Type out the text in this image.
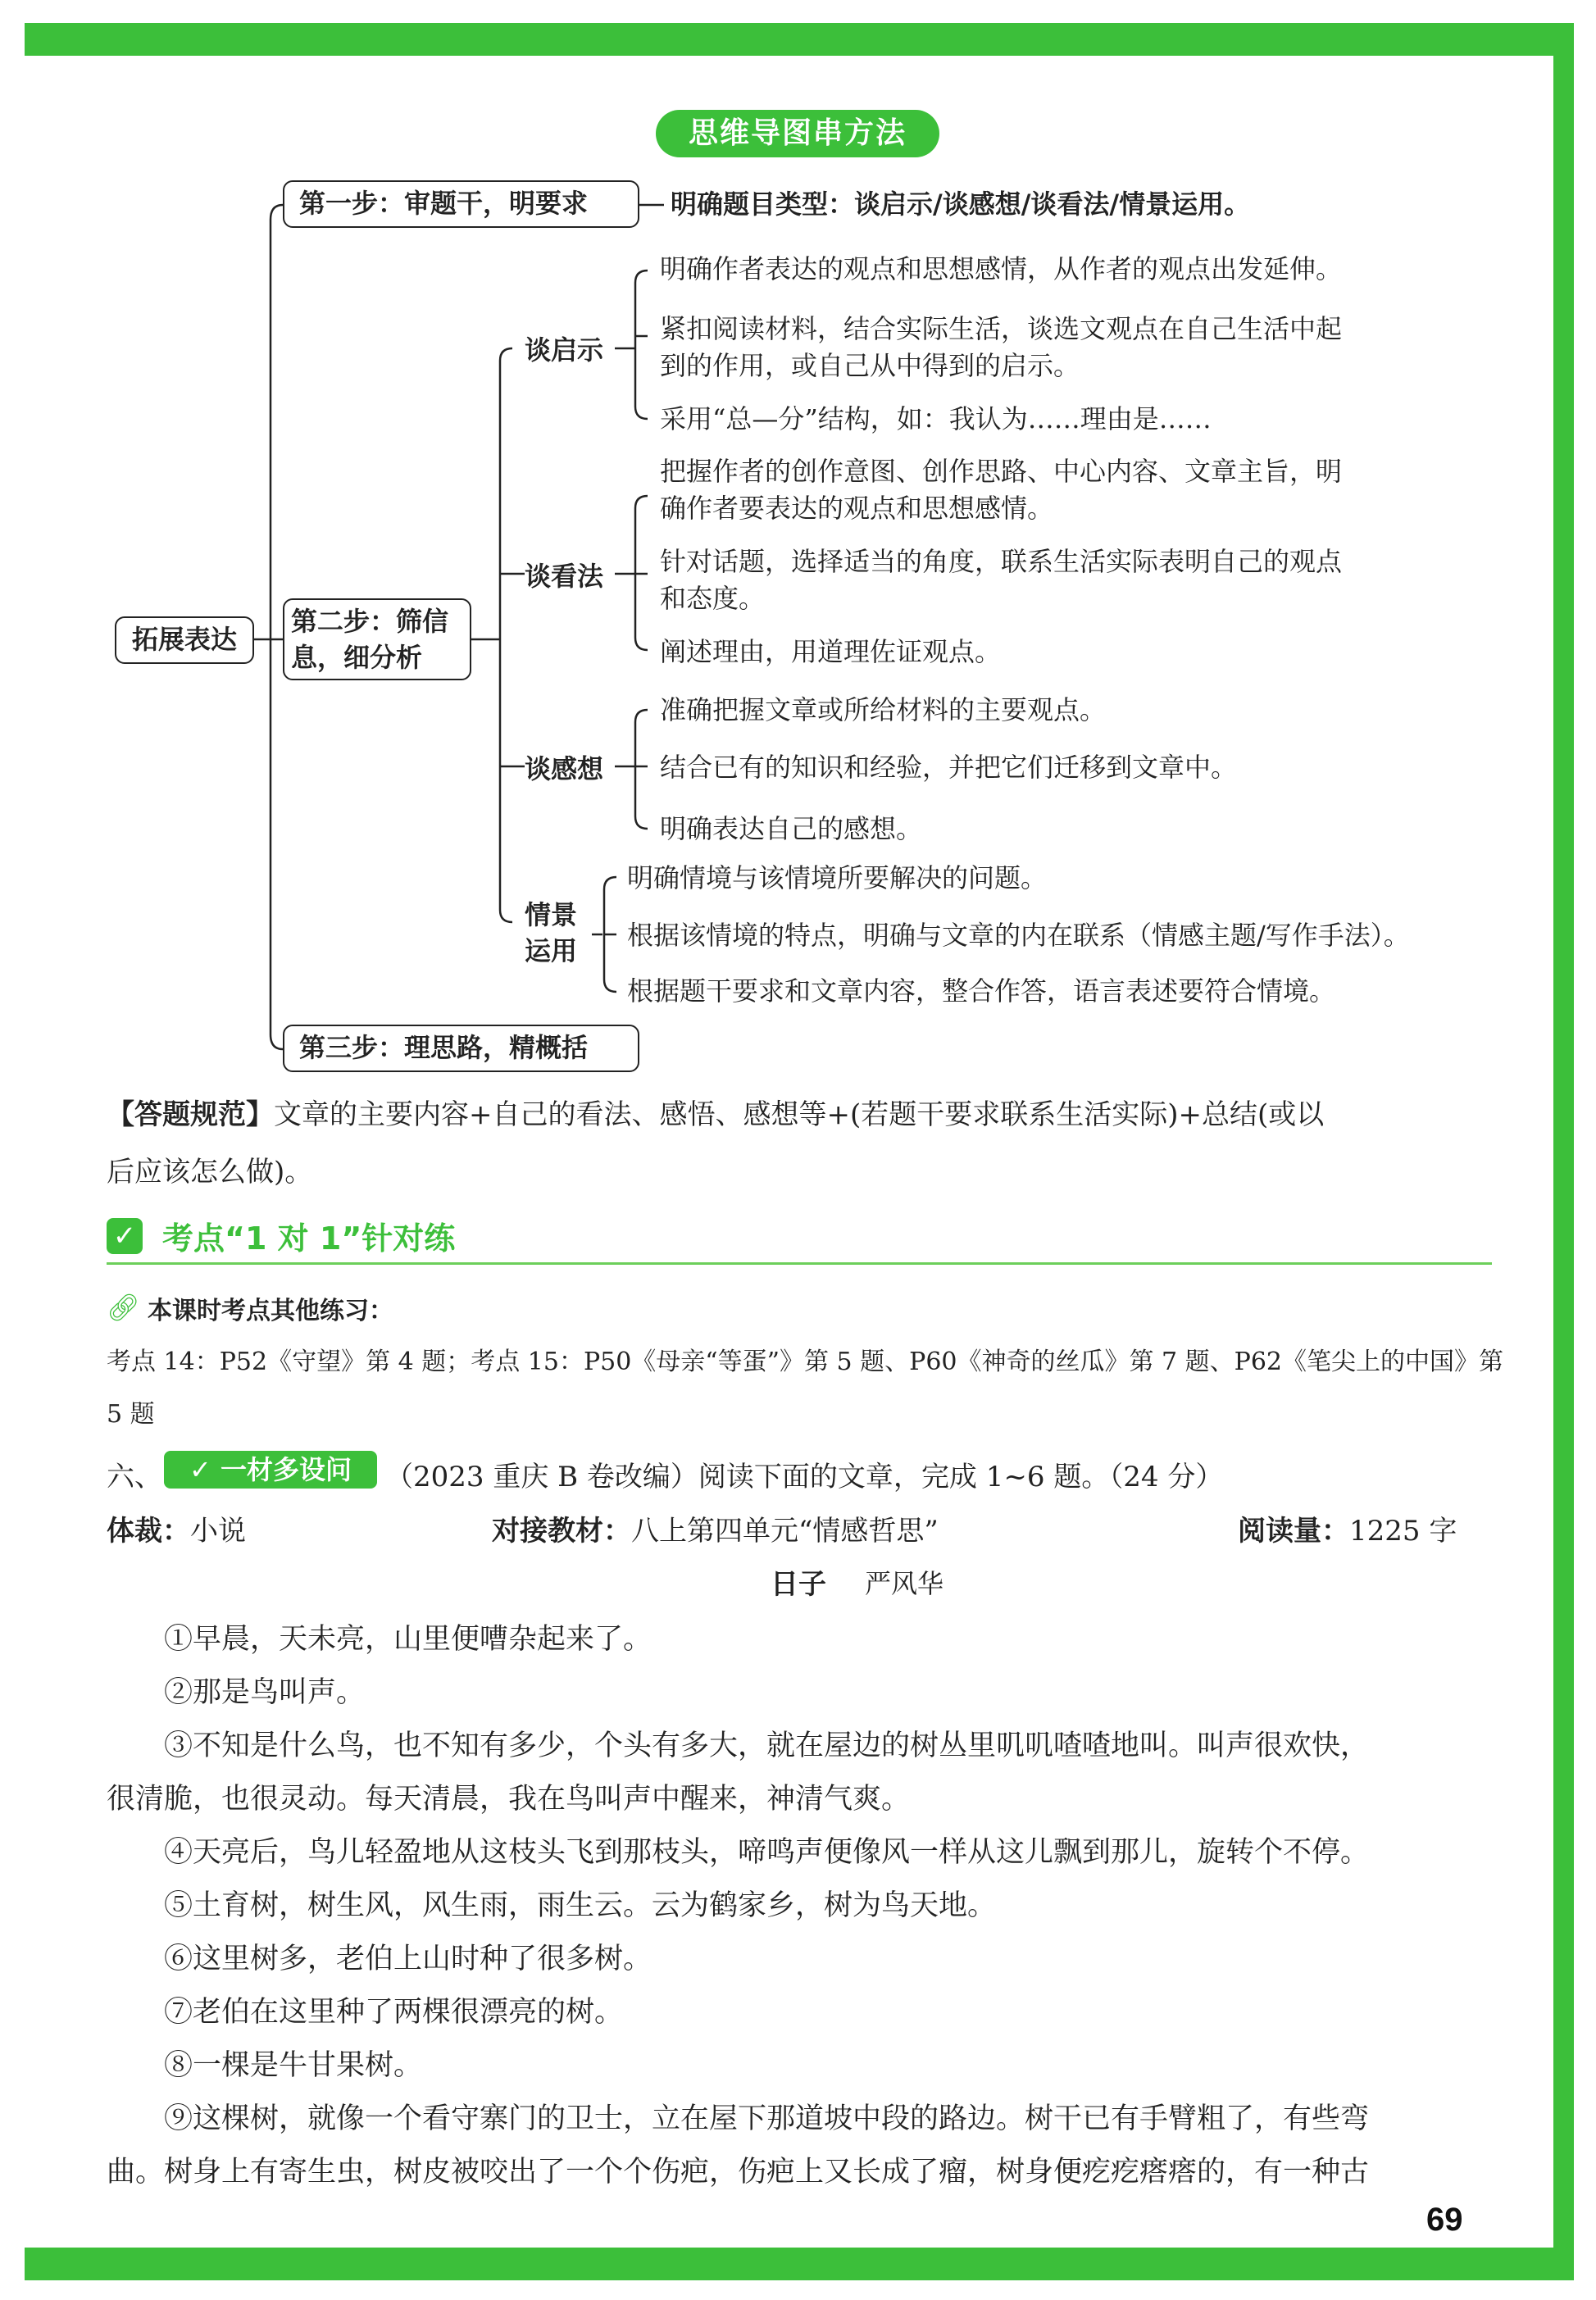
69
思维导图串方法
拓展表达
第一步：审题干，明要求
第二步：筛信
息，细分析
第三步：理思路，精概括
明确题目类型：谈启示/谈感想/谈看法/情景运用。
谈启示
谈看法
谈感想
情景
运用
明确作者表达的观点和思想感情，从作者的观点出发延伸。
紧扣阅读材料，结合实际生活，谈选文观点在自己生活中起
到的作用，或自己从中得到的启示。
采用“总—分”结构，如：我认为……理由是……
把握作者的创作意图、创作思路、中心内容、文章主旨，明
确作者要表达的观点和思想感情。
针对话题，选择适当的角度，联系生活实际表明自己的观点
和态度。
阐述理由，用道理佐证观点。
准确把握文章或所给材料的主要观点。
结合已有的知识和经验，并把它们迁移到文章中。
明确表达自己的感想。
明确情境与该情境所要解决的问题。
根据该情境的特点，明确与文章的内在联系（情感主题/写作手法）。
根据题干要求和文章内容，整合作答，语言表述要符合情境。
【答题规范】文章的主要内容+自己的看法、感悟、感想等+(若题干要求联系生活实际)+总结(或以
后应该怎么做)。
✓ 考点“1 对 1”针对练
🔗︎ 本课时考点其他练习：
考点 14：P52《守望》第 4 题；考点 15：P50《母亲“等蛋”》第 5 题、P60《神奇的丝瓜》第 7 题、P62《笔尖上的中国》第
5 题
六、	✓ 一材多设问	（2023 重庆 B 卷改编）阅读下面的文章，完成 1~6 题。（24 分）
体裁：小说	对接教材：八上第四单元“情感哲思”	阅读量：1225 字
日子 严风华
①早晨，天未亮，山里便嘈杂起来了。
②那是鸟叫声。
③不知是什么鸟，也不知有多少，个头有多大，就在屋边的树丛里叽叽喳喳地叫。叫声很欢快，
很清脆，也很灵动。每天清晨，我在鸟叫声中醒来，神清气爽。
④天亮后，鸟儿轻盈地从这枝头飞到那枝头，啼鸣声便像风一样从这儿飘到那儿，旋转个不停。
⑤土育树，树生风，风生雨，雨生云。云为鹤家乡，树为鸟天地。
⑥这里树多，老伯上山时种了很多树。
⑦老伯在这里种了两棵很漂亮的树。
⑧一棵是牛甘果树。
⑨这棵树，就像一个看守寨门的卫士，立在屋下那道坡中段的路边。树干已有手臂粗了，有些弯
曲。树身上有寄生虫，树皮被咬出了一个个伤疤，伤疤上又长成了瘤，树身便疙疙瘩瘩的，有一种古
